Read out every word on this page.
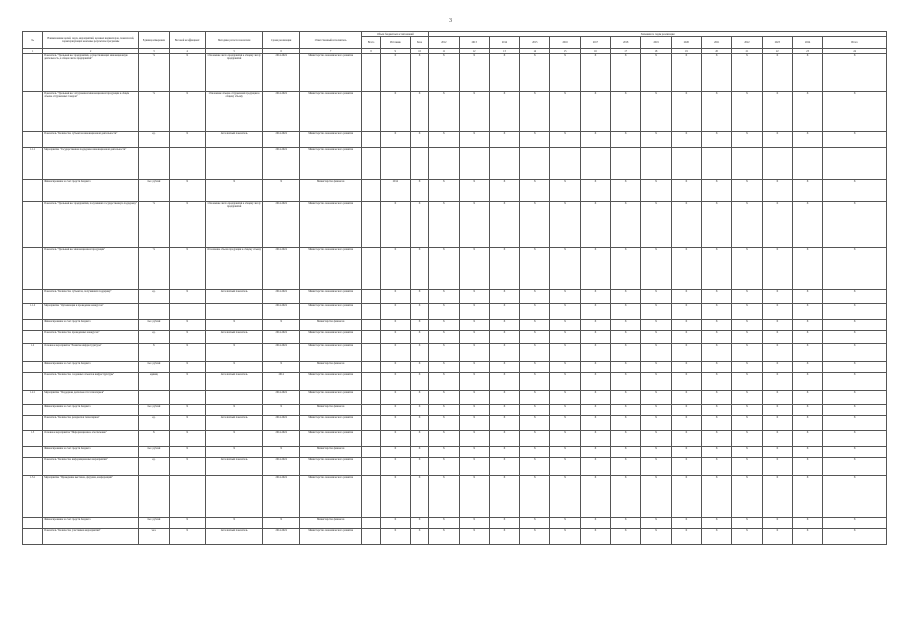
3
№	Наименование целей, задач, мероприятий, целевых индикаторов, показателей, характеризующих конечные результаты программы	Единица измерения	Весовой коэффициент	Методика расчета показателя	Сроки реализации	Ответственный исполнитель	Объем бюджетных ассигнований			Значения по годам реализации													
							Всего	Источник	База	2012	2013	2014	2015	2016	2017	2018	2019	2020	2021	2022	2023	2024	Итого
1	2	3	4	5	6	7	8	9	10	11	12	13	14	15	16	17	18	19	20	21	22	23	24
	Показатель "Удельный вес предприятий, осуществляющих инновационную деятельность, в общем числе предприятий"	%	X	Отношение числа предприятий к общему числу предприятий	2014-2024	Министерство экономического развития		X	X	X	X	X	X	X	X	X	X	X	X	X	X	X	X
	Показатель "Удельный вес отгруженной инновационной продукции в общем объеме отгруженных товаров"	%	X	Отношение объема отгруженной продукции к общему объему	2014-2024	Министерство экономического развития		X	X	X	X	X	X	X	X	X	X	X	X	X	X	X	X
	Показатель "Количество субъектов инновационной деятельности"	ед.	X	Абсолютный показатель	2014-2024	Министерство экономического развития		X	X	X	X	X	X	X	X	X	X	X	X	X	X	X	X
1.1.1	Мероприятие "Государственная поддержка инновационной деятельности"				2014-2024	Министерство экономического развития																	
	Финансирование за счет средств бюджета	тыс. рублей	X	X	X	Министерство финансов		2014	X	X	X	X	X	X	X	X	X	X	X	X	X	X	X
	Показатель "Удельный вес предприятий, получивших государственную поддержку"	%	X	Отношение числа предприятий к общему числу предприятий	2014-2024	Министерство экономического развития		X	X	X	X	X	X	X	X	X	X	X	X	X	X	X	X
	Показатель "Удельный вес инновационной продукции"	%	X	Отношение объема продукции к общему объему	2014-2024	Министерство экономического развития		X	X	X	X	X	X	X	X	X	X	X	X	X	X	X	X
	Показатель "Количество субъектов, получивших поддержку"	ед.	X	Абсолютный показатель	2014-2024	Министерство экономического развития		X	X	X	X	X	X	X	X	X	X	X	X	X	X	X	X
1.1.2	Мероприятие "Организация и проведение конкурсов"				2014-2024	Министерство экономического развития		X	X	X	X	X	X	X	X	X	X	X	X	X	X	X	X
	Финансирование за счет средств бюджета	тыс. рублей	X	X	X	Министерство финансов		X	X	X	X	X	X	X	X	X	X	X	X	X	X	X	X
	Показатель "Количество проведенных конкурсов"	ед.	X	Абсолютный показатель	2014-2024	Министерство экономического развития		X	X	X	X	X	X	X	X	X	X	X	X	X	X	X	X
1.2	Основное мероприятие "Развитие инфраструктуры"	X	X	X	2014-2024	Министерство экономического развития		X	X	X	X	X	X	X	X	X	X	X	X	X	X	X	X
	Финансирование за счет средств бюджета	тыс. рублей	X	X	X	Министерство финансов		X	X	X	X	X	X	X	X	X	X	X	X	X	X	X	X
	Показатель "Количество созданных объектов инфраструктуры"	единиц	X	Абсолютный показатель	2014	Министерство экономического развития		X	X	X	X	X	X	X	X	X	X	X	X	X	X	X	X
1.2.1	Мероприятие "Поддержка деятельности технопарков"				2014-2024	Министерство экономического развития		X	X	X	X	X	X	X	X	X	X	X	X	X	X	X	X
	Финансирование за счет средств бюджета	тыс. рублей	X	X	X	Министерство финансов		X	X	X	X	X	X	X	X	X	X	X	X	X	X	X	X
	Показатель "Количество резидентов технопарков"	ед.	X	Абсолютный показатель	2014-2024	Министерство экономического развития		X	X	X	X	X	X	X	X	X	X	X	X	X	X	X	X
1.3	Основное мероприятие "Информационное обеспечение"	X	X	X	2014-2024	Министерство экономического развития		X	X	X	X	X	X	X	X	X	X	X	X	X	X	X	X
	Финансирование за счет средств бюджета	тыс. рублей	X	X	X	Министерство финансов		X	X	X	X	X	X	X	X	X	X	X	X	X	X	X	X
	Показатель "Количество информационных мероприятий"	ед.	X	Абсолютный показатель	2014-2024	Министерство экономического развития		X	X	X	X	X	X	X	X	X	X	X	X	X	X	X	X
1.3.1	Мероприятие "Проведение выставок, форумов, конференций"				2014-2024	Министерство экономического развития		X	X	X	X	X	X	X	X	X	X	X	X	X	X	X	X
	Финансирование за счет средств бюджета	тыс. рублей	X	X	X	Министерство финансов		X	X	X	X	X	X	X	X	X	X	X	X	X	X	X	X
	Показатель "Количество участников мероприятий"	чел.	X	Абсолютный показатель	2014-2024	Министерство экономического развития		X	X	X	X	X	X	X	X	X	X	X	X	X	X	X	X
